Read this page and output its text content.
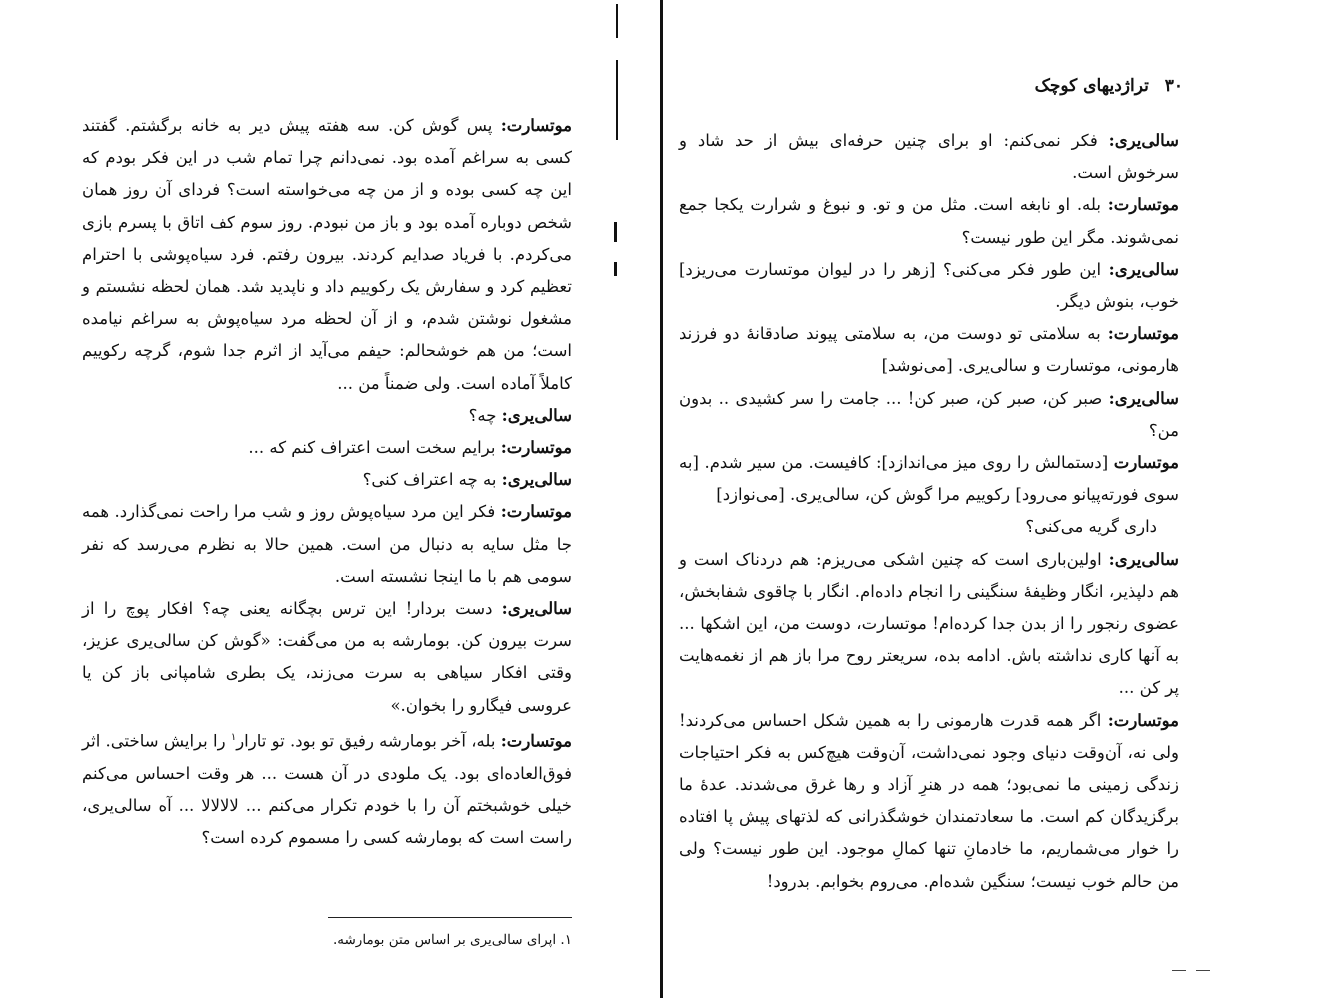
موتسارت: پس گوش کن. سه هفته پیش دیر به خانه برگشتم. گفتند کسی به سراغم آمده بود. نمی‌دانم چرا تمام شب در این فکر بودم که این چه کسی بوده و از من چه می‌خواسته است؟ فردای آن روز همان شخص دوباره آمده بود و باز من نبودم. روز سوم کف اتاق با پسرم بازی می‌کردم. با فریاد صدایم کردند. بیرون رفتم. فرد سیاه‌پوشی با احترام تعظیم کرد و سفارش یک رکوییم داد و ناپدید شد. همان لحظه نشستم و مشغول نوشتن شدم، و از آن لحظه مرد سیاه‌پوش به سراغم نیامده است؛ من هم خوشحالم: حیفم می‌آید از اثرم جدا شوم، گرچه رکوییم کاملاً آماده است. ولی ضمناً من ...

سالی‌یری: چه؟

موتسارت: برایم سخت است اعتراف کنم که ...

سالی‌یری: به چه اعتراف کنی؟

موتسارت: فکر این مرد سیاه‌پوش روز و شب مرا راحت نمی‌گذارد. همه جا مثل سایه به دنبال من است. همین حالا به نظرم می‌رسد که نفر سومی هم با ما اینجا نشسته است.

سالی‌یری: دست بردار! این ترس بچگانه یعنی چه؟ افکار پوچ را از سرت بیرون کن. بومارشه به من می‌گفت: «گوش کن سالی‌یری عزیز، وقتی افکار سیاهی به سرت می‌زند، یک بطری شامپانی باز کن یا عروسی فیگارو را بخوان.»

موتسارت: بله، آخر بومارشه رفیق تو بود. تو تارار$^۱$ را برایش ساختی. اثر فوق‌العاده‌ای بود. یک ملودی در آن هست ... هر وقت احساس می‌کنم خیلی خوشبختم آن را با خودم تکرار می‌کنم ... لالالالا ... آه سالی‌یری، راست است که بومارشه کسی را مسموم کرده است؟

۱. اپرای سالی‌یری بر اساس متن بومارشه.
۳۰ تراژدیهای کوچک

سالی‌یری: فکر نمی‌کنم: او برای چنین حرفه‌ای بیش از حد شاد و سرخوش است.

موتسارت: بله. او نابغه است. مثل من و تو. و نبوغ و شرارت یکجا جمع نمی‌شوند. مگر این طور نیست؟

سالی‌یری: این طور فکر می‌کنی؟ [زهر را در لیوان موتسارت می‌ریزد] خوب، بنوش دیگر.

موتسارت: به سلامتی تو دوست من، به سلامتی پیوند صادقانهٔ دو فرزند هارمونی، موتسارت و سالی‌یری. [می‌نوشد]

سالی‌یری: صبر کن، صبر کن، صبر کن! ... جامت را سر کشیدی .. بدون من؟

موتسارت [دستمالش را روی میز می‌اندازد]: کافیست. من سیر شدم. [به سوی فورته‌پیانو می‌رود] رکوییم مرا گوش کن، سالی‌یری. [می‌نوازد]

داری گریه می‌کنی؟

سالی‌یری: اولین‌باری است که چنین اشکی می‌ریزم: هم دردناک است و هم دلپذیر، انگار وظیفهٔ سنگینی را انجام داده‌ام. انگار با چاقوی شفابخش، عضوی رنجور را از بدن جدا کرده‌ام! موتسارت، دوست من، این اشکها ... به آنها کاری نداشته باش. ادامه بده، سریعتر روح مرا باز هم از نغمه‌هایت پر کن ...

موتسارت: اگر همه قدرت هارمونی را به همین شکل احساس می‌کردند! ولی نه، آن‌وقت دنیای وجود نمی‌داشت، آن‌وقت هیچ‌کس به فکر احتیاجات زندگی زمینی ما نمی‌بود؛ همه در هنرِ آزاد و رها غرق می‌شدند. عدهٔ ما برگزیدگان کم است. ما سعادتمندان خوشگذرانی که لذتهای پیش پا افتاده را خوار می‌شماریم، ما خادمانِ تنها کمالِ موجود. این طور نیست؟ ولی من حالم خوب نیست؛ سنگین شده‌ام. می‌روم بخوابم. بدرود!
